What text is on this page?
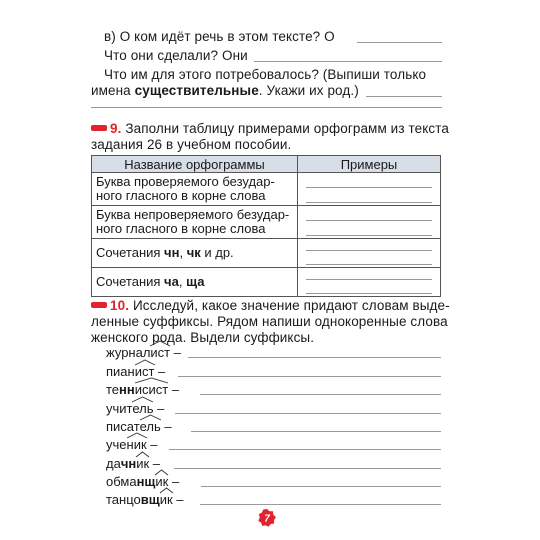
в) О ком идёт речь в этом тексте? О
Что они сделали? Они
Что им для этого потребовалось? (Выпиши только
имена существительные. Укажи их род.)
9. Заполни таблицу примерами орфограмм из текста
задания 26 в учебном пособии.
Название орфограммы	Примеры
Буква проверяемого безудар-
ного гласного в корне слова	

Буква непроверяемого безудар-
ного гласного в корне слова	

Сочетания чн, чк и др.	

Сочетания ча, ща	
10. Исследуй, какое значение придают словам выде-
ленные суффиксы. Рядом напиши однокоренные слова
женского рода. Выдели суффиксы.
журналист
–
пианист
–
теннисист
–
учитель
–
писатель
–
ученик
–
дачник
–
обманщик
–
танцовщик
–
7
